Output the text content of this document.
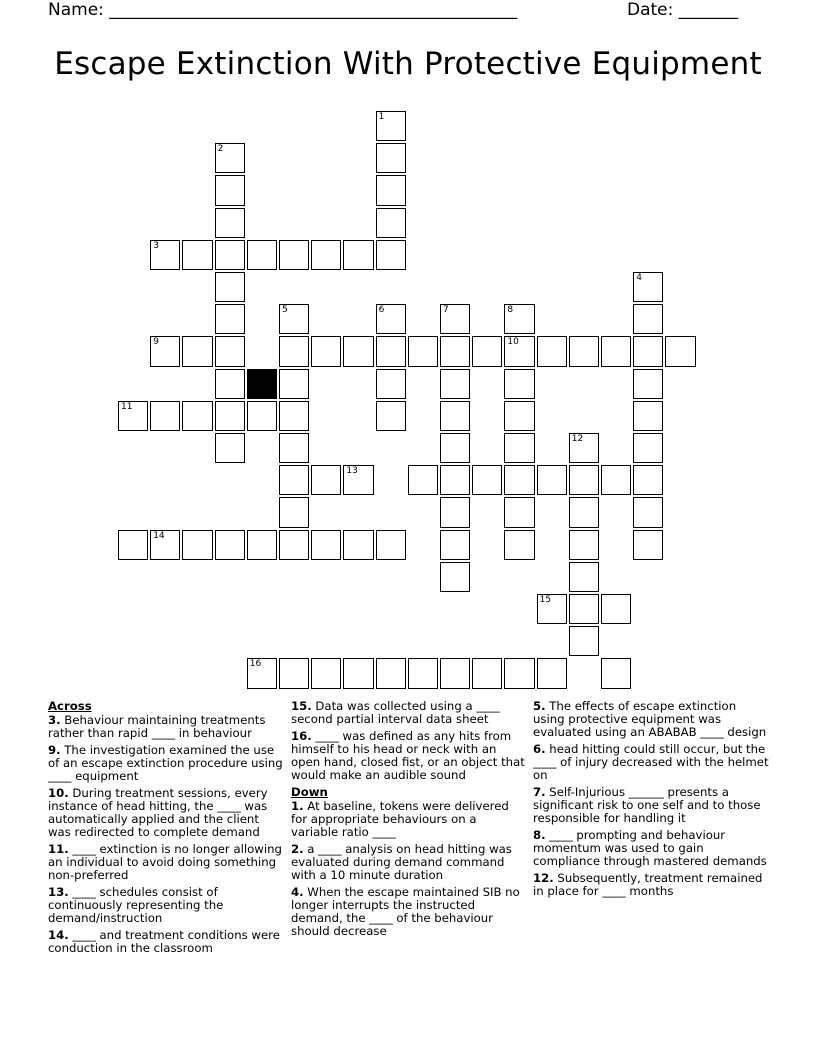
Name: ________________________________________________	Date: _______
Escape Extinction With Protective Equipment
1
2
3
4
5	6	7	8
10
9
11
12
13
14
15
16
Across
3. Behaviour maintaining treatments rather than rapid ____ in behaviour
9. The investigation examined the use of an escape extinction procedure using ____ equipment
10. During treatment sessions, every instance of head hitting, the ____ was automatically applied and the client was redirected to complete demand
11. ____ extinction is no longer allowing an individual to avoid doing something non-preferred
13. ____ schedules consist of continuously representing the demand/instruction
14. ____ and treatment conditions were conduction in the classroom
15. Data was collected using a ____ second partial interval data sheet
16. ____ was defined as any hits from himself to his head or neck with an open hand, closed fist, or an object that would make an audible sound
Down
1. At baseline, tokens were delivered for appropriate behaviours on a variable ratio ____
2. a ____ analysis on head hitting was evaluated during demand command with a 10 minute duration
4. When the escape maintained SIB no longer interrupts the instructed demand, the ____ of the behaviour should decrease
5. The effects of escape extinction using protective equipment was evaluated using an ABABAB ____ design
6. head hitting could still occur, but the ____ of injury decreased with the helmet on
7. Self-Injurious ______ presents a significant risk to one self and to those responsible for handling it
8. ____ prompting and behaviour momentum was used to gain compliance through mastered demands
12. Subsequently, treatment remained in place for ____ months
